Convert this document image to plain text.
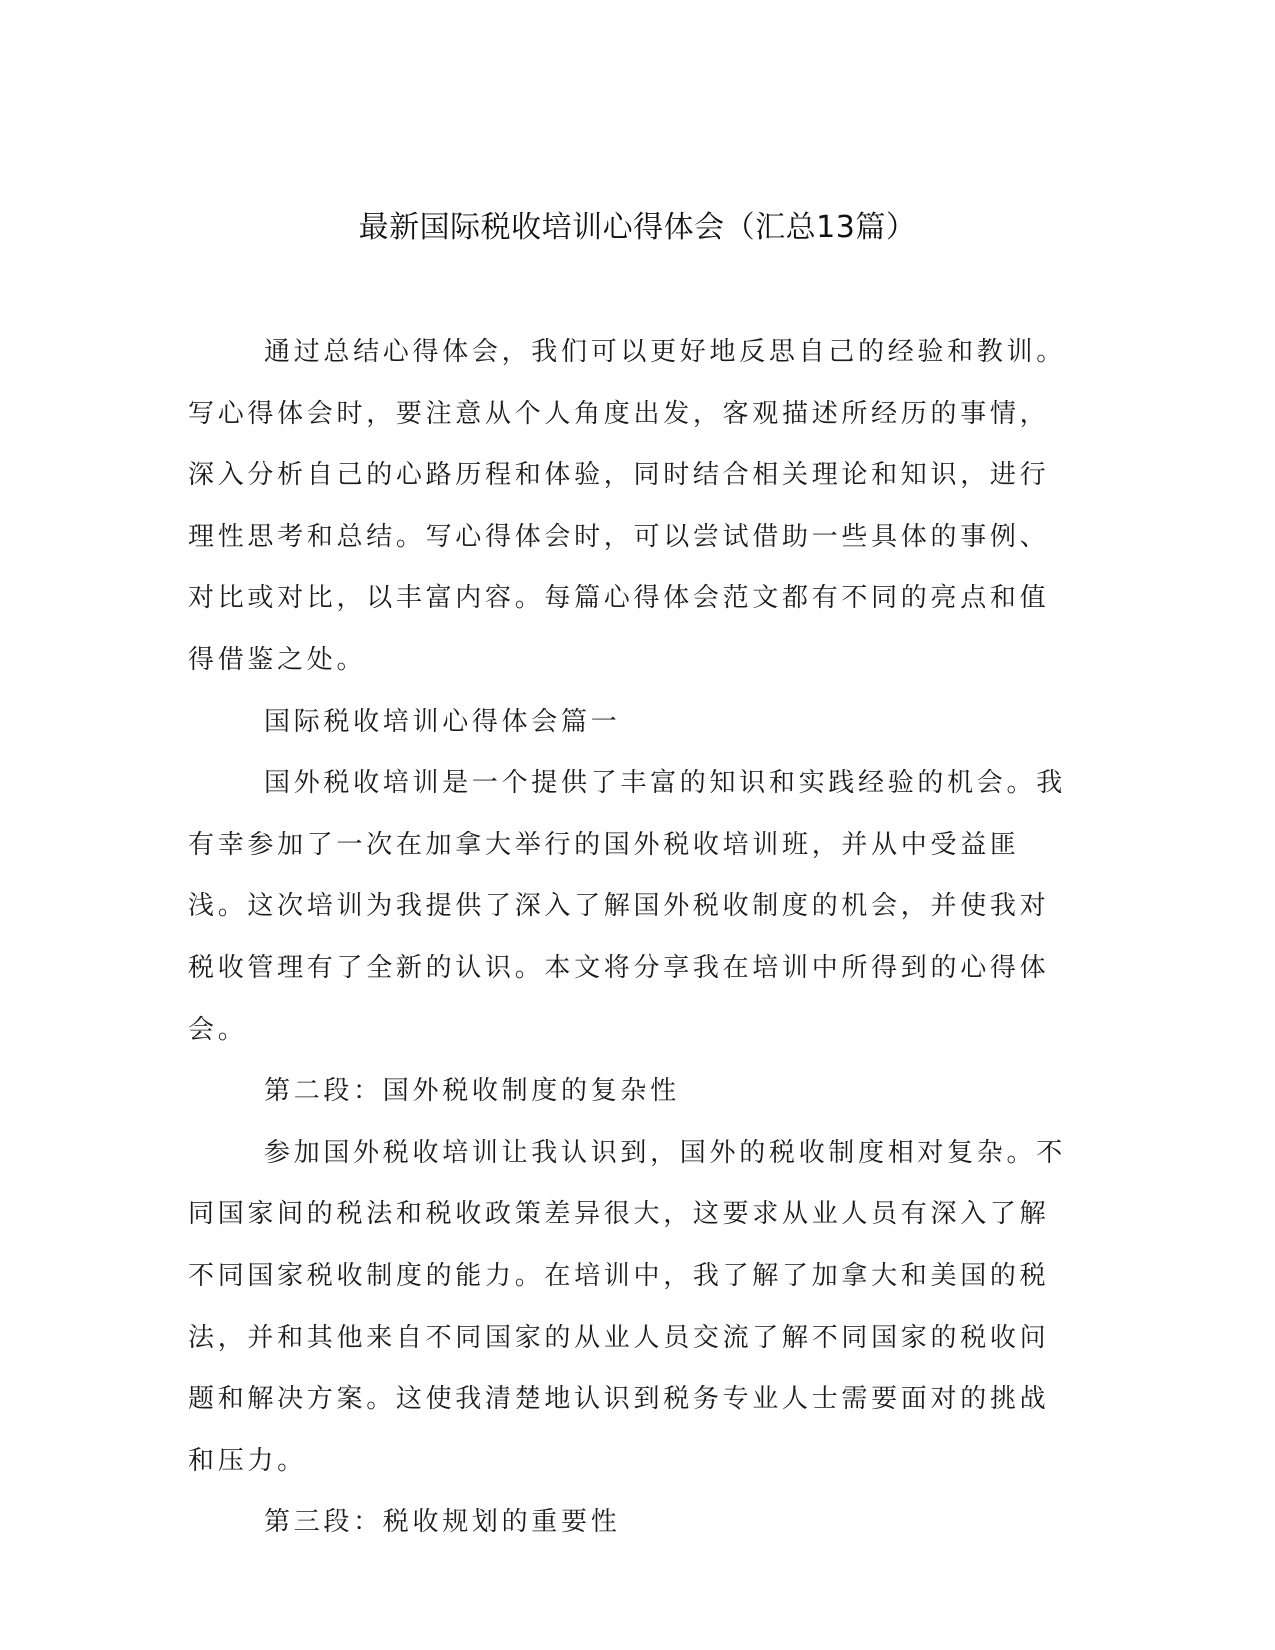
最新国际税收培训心得体会（汇总13篇）

通过总结心得体会，我们可以更好地反思自己的经验和教训。写心得体会时，要注意从个人角度出发，客观描述所经历的事情，深入分析自己的心路历程和体验，同时结合相关理论和知识，进行理性思考和总结。写心得体会时，可以尝试借助一些具体的事例、对比或对比，以丰富内容。每篇心得体会范文都有不同的亮点和值得借鉴之处。

国际税收培训心得体会篇一

国外税收培训是一个提供了丰富的知识和实践经验的机会。我有幸参加了一次在加拿大举行的国外税收培训班，并从中受益匪浅。这次培训为我提供了深入了解国外税收制度的机会，并使我对税收管理有了全新的认识。本文将分享我在培训中所得到的心得体会。

第二段：国外税收制度的复杂性

参加国外税收培训让我认识到，国外的税收制度相对复杂。不同国家间的税法和税收政策差异很大，这要求从业人员有深入了解不同国家税收制度的能力。在培训中，我了解了加拿大和美国的税法，并和其他来自不同国家的从业人员交流了解不同国家的税收问题和解决方案。这使我清楚地认识到税务专业人士需要面对的挑战和压力。

第三段：税收规划的重要性
